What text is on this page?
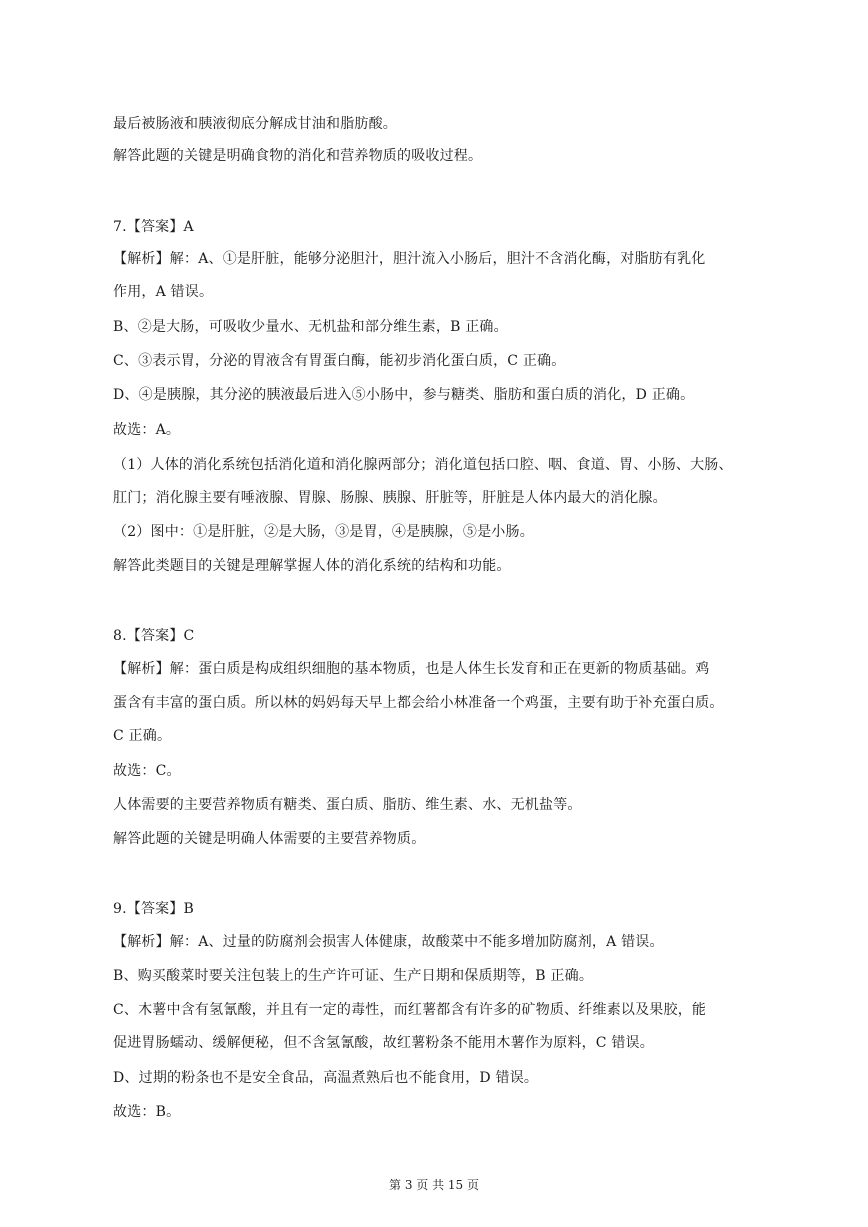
最后被肠液和胰液彻底分解成甘油和脂肪酸。
解答此题的关键是明确食物的消化和营养物质的吸收过程。
7.【答案】A
【解析】解：A、①是肝脏，能够分泌胆汁，胆汁流入小肠后，胆汁不含消化酶，对脂肪有乳化
作用，A 错误。
B、②是大肠，可吸收少量水、无机盐和部分维生素，B 正确。
C、③表示胃，分泌的胃液含有胃蛋白酶，能初步消化蛋白质，C 正确。
D、④是胰腺，其分泌的胰液最后进入⑤小肠中，参与糖类、脂肪和蛋白质的消化，D 正确。
故选：A。
（1）人体的消化系统包括消化道和消化腺两部分；消化道包括口腔、咽、食道、胃、小肠、大肠、
肛门；消化腺主要有唾液腺、胃腺、肠腺、胰腺、肝脏等，肝脏是人体内最大的消化腺。
（2）图中：①是肝脏，②是大肠，③是胃，④是胰腺，⑤是小肠。
解答此类题目的关键是理解掌握人体的消化系统的结构和功能。
8.【答案】C
【解析】解：蛋白质是构成组织细胞的基本物质，也是人体生长发育和正在更新的物质基础。鸡
蛋含有丰富的蛋白质。所以林的妈妈每天早上都会给小林准备一个鸡蛋，主要有助于补充蛋白质。
C 正确。
故选：C。
人体需要的主要营养物质有糖类、蛋白质、脂肪、维生素、水、无机盐等。
解答此题的关键是明确人体需要的主要营养物质。
9.【答案】B
【解析】解：A、过量的防腐剂会损害人体健康，故酸菜中不能多增加防腐剂，A 错误。
B、购买酸菜时要关注包装上的生产许可证、生产日期和保质期等，B 正确。
C、木薯中含有氢氰酸，并且有一定的毒性，而红薯都含有许多的矿物质、纤维素以及果胶，能
促进胃肠蠕动、缓解便秘，但不含氢氰酸，故红薯粉条不能用木薯作为原料，C 错误。
D、过期的粉条也不是安全食品，高温煮熟后也不能食用，D 错误。
故选：B。
第 3 页 共 15 页
